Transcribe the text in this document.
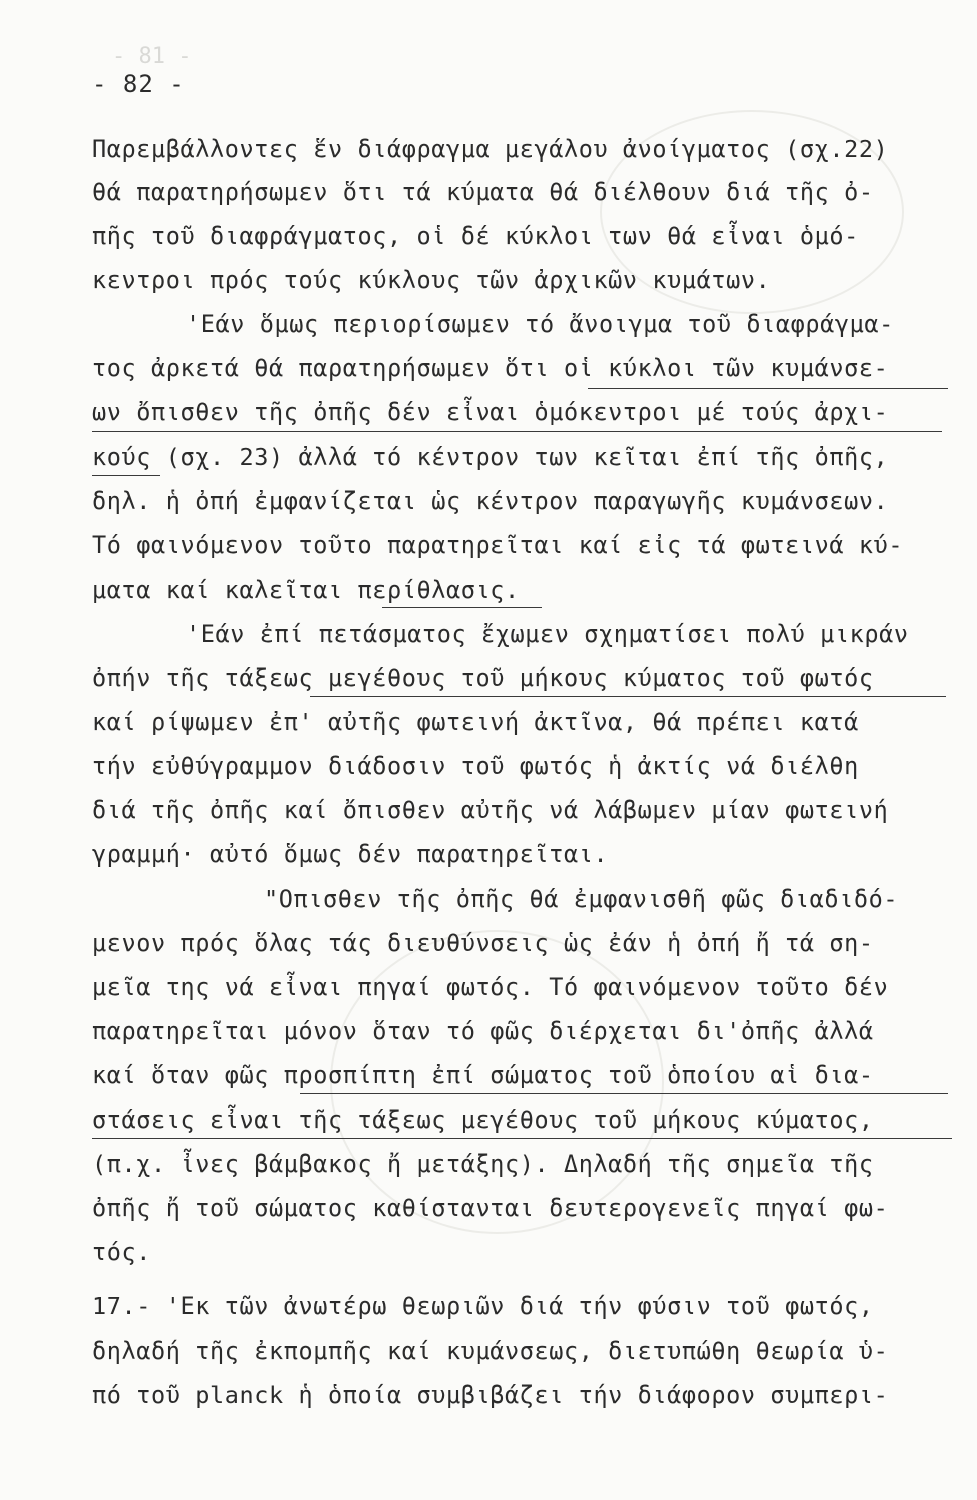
- 81 -
- 82 -
Παρεμβάλλοντες ἕν διάφραγμα μεγάλου ἀνοίγματος (σχ.22)
θά παρατηρήσωμεν ὅτι τά κύματα θά διέλθουν διά τῆς ὀ-
πῆς τοῦ διαφράγματος, οἱ δέ κύκλοι των θά εἶναι ὁμό-
κεντροι πρός τούς κύκλους τῶν ἀρχικῶν κυμάτων.
'Εάν ὅμως περιορίσωμεν τό ἄνοιγμα τοῦ διαφράγμα-
τος ἀρκετά θά παρατηρήσωμεν ὅτι οἱ κύκλοι τῶν κυμάνσε-
ων ὄπισθεν τῆς ὀπῆς δέν εἶναι ὁμόκεντροι μέ τούς ἀρχι-
κούς (σχ. 23) ἀλλά τό κέντρον των κεῖται ἐπί τῆς ὀπῆς,
δηλ. ἡ ὀπή ἐμφανίζεται ὡς κέντρον παραγωγῆς κυμάνσεων.
Τό φαινόμενον τοῦτο παρατηρεῖται καί εἰς τά φωτεινά κύ-
ματα καί καλεῖται περίθλασις.
'Εάν ἐπί πετάσματος ἔχωμεν σχηματίσει πολύ μικράν
ὀπήν τῆς τάξεως μεγέθους τοῦ μήκους κύματος τοῦ φωτός
καί ρίψωμεν ἐπ' αὐτῆς φωτεινή ἀκτῖνα, θά πρέπει κατά
τήν εὐθύγραμμον διάδοσιν τοῦ φωτός ἡ ἀκτίς νά διέλθη
διά τῆς ὀπῆς καί ὄπισθεν αὐτῆς νά λάβωμεν μίαν φωτεινή
γραμμή· αὐτό ὅμως δέν παρατηρεῖται.
"Οπισθεν τῆς ὀπῆς θά ἐμφανισθῆ φῶς διαδιδό-
μενον πρός ὅλας τάς διευθύνσεις ὡς ἐάν ἡ ὀπή ἤ τά ση-
μεῖα της νά εἶναι πηγαί φωτός. Τό φαινόμενον τοῦτο δέν
παρατηρεῖται μόνον ὅταν τό φῶς διέρχεται δι'ὀπῆς ἀλλά
καί ὅταν φῶς προσπίπτη ἐπί σώματος τοῦ ὁποίου αἱ δια-
στάσεις εἶναι τῆς τάξεως μεγέθους τοῦ μήκους κύματος,
(π.χ. ἶνες βάμβακος ἤ μετάξης). Δηλαδή τῆς σημεῖα τῆς
ὀπῆς ἤ τοῦ σώματος καθίστανται δευτερογενεῖς πηγαί φω-
τός.
17.- 'Εκ τῶν ἀνωτέρω θεωριῶν διά τήν φύσιν τοῦ φωτός,
δηλαδή τῆς ἐκπομπῆς καί κυμάνσεως, διετυπώθη θεωρία ὑ-
πό τοῦ planck ἡ ὁποία συμβιβάζει τήν διάφορον συμπερι-
